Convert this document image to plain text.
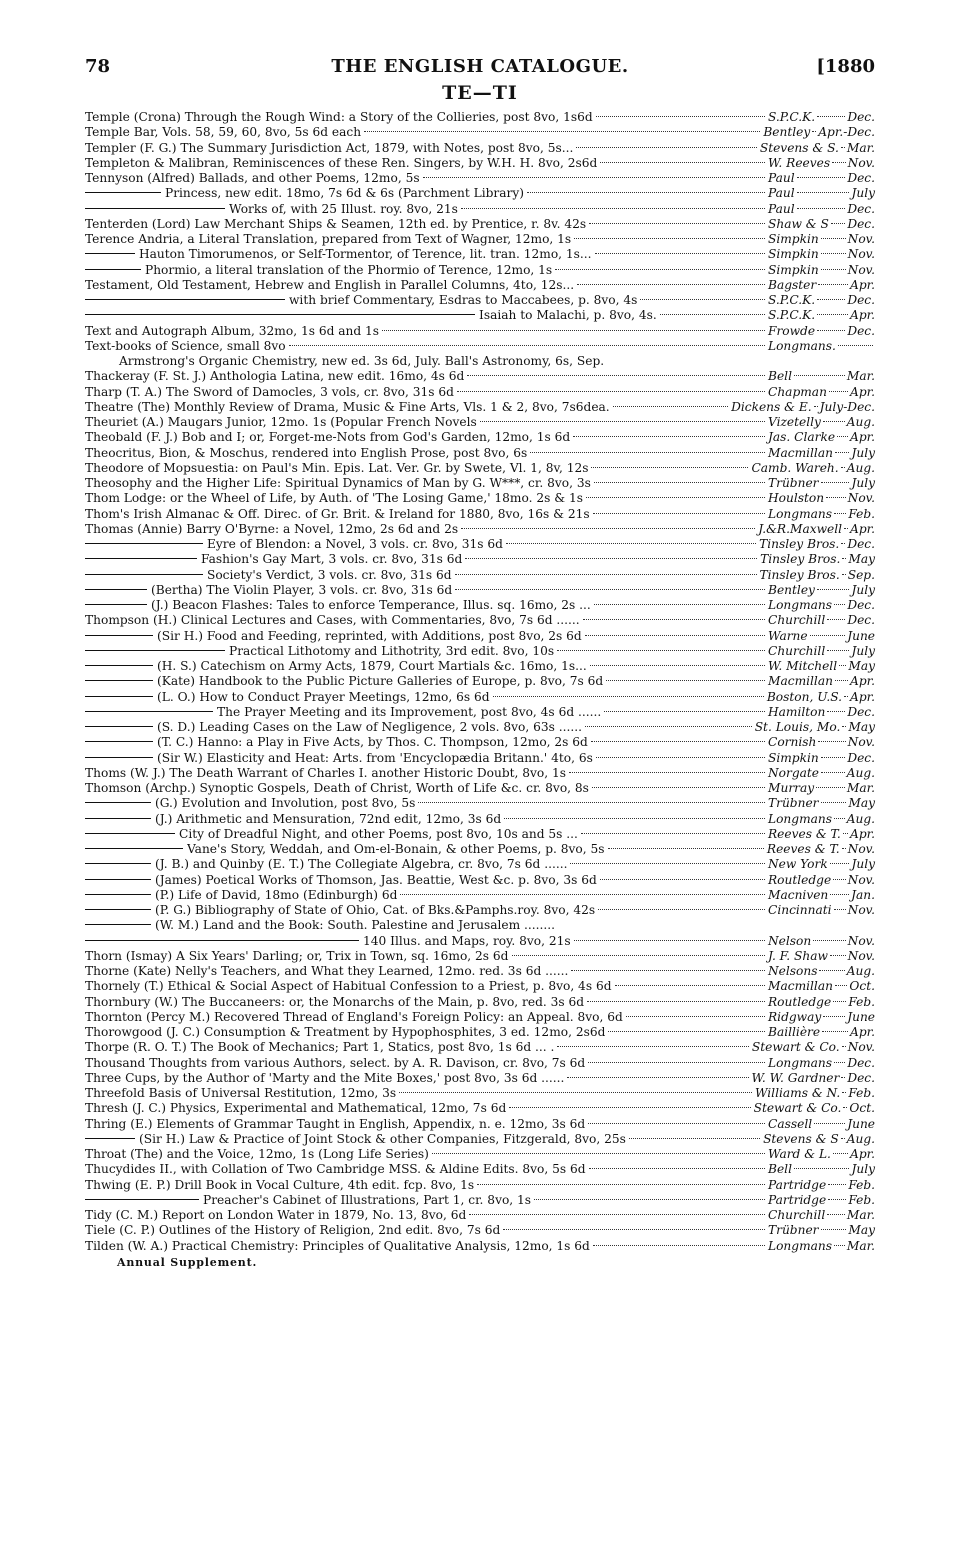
78	THE ENGLISH CATALOGUE.	[1880
TE—TI
Temple (Crona) Through the Rough Wind: a Story of the Collieries, post 8vo, 1s6d	S.P.C.K.	Dec.
Temple Bar, Vols. 58, 59, 60, 8vo, 5s 6d each	Bentley Apr.-Dec.
Templer (F. G.) The Summary Jurisdiction Act, 1879, with Notes, post 8vo, 5s...	Stevens & S. Mar.
Templeton & Malibran, Reminiscences of these Ren. Singers, by W.H. H. 8vo, 2s6d	W. Reeves Nov.
Tennyson (Alfred) Ballads, and other Poems, 12mo, 5s	Paul	Dec.
Princess, new edit. 18mo, 7s 6d & 6s (Parchment Library)	Paul	July
Works of, with 25 Illust. roy. 8vo, 21s	Paul	Dec.
Tenterden (Lord) Law Merchant Ships & Seamen, 12th ed. by Prentice, r. 8v. 42s	Shaw & S Dec.
Terence Andria, a Literal Translation, prepared from Text of Wagner, 12mo, 1s	Simpkin Nov.
Hauton Timorumenos, or Self-Tormentor, of Terence, lit. tran. 12mo, 1s...	Simpkin Nov.
Phormio, a literal translation of the Phormio of Terence, 12mo, 1s	Simpkin Nov.
Testament, Old Testament, Hebrew and English in Parallel Columns, 4to, 12s...	Bagster	Apr.
with brief Commentary, Esdras to Maccabees, p. 8vo, 4s	S.P.C.K.	Dec.
Isaiah to Malachi, p. 8vo, 4s.	S.P.C.K.	Apr.
Text and Autograph Album, 32mo, 1s 6d and 1s	Frowde	Dec.
Text-books of Science, small 8vo	Longmans.
Armstrong's Organic Chemistry, new ed. 3s 6d, July. Ball's Astronomy, 6s, Sep.
Thackeray (F. St. J.) Anthologia Latina, new edit. 16mo, 4s 6d	Bell	Mar.
Tharp (T. A.) The Sword of Damocles, 3 vols, cr. 8vo, 31s 6d	Chapman Apr.
Theatre (The) Monthly Review of Drama, Music & Fine Arts, Vls. 1 & 2, 8vo, 7s6dea.	Dickens & E. July-Dec.
Theuriet (A.) Maugars Junior, 12mo. 1s (Popular French Novels	Vizetelly Aug.
Theobald (F. J.) Bob and I; or, Forget-me-Nots from God's Garden, 12mo, 1s 6d	Jas. Clarke Apr.
Theocritus, Bion, & Moschus, rendered into English Prose, post 8vo, 6s	Macmillan July
Theodore of Mopsuestia: on Paul's Min. Epis. Lat. Ver. Gr. by Swete, Vl. 1, 8v, 12s	Camb. Wareh. Aug.
Theosophy and the Higher Life: Spiritual Dynamics of Man by G. W***, cr. 8vo, 3s	Trübner	July
Thom Lodge: or the Wheel of Life, by Auth. of 'The Losing Game,' 18mo. 2s & 1s	Houlston Nov.
Thom's Irish Almanac & Off. Direc. of Gr. Brit. & Ireland for 1880, 8vo, 16s & 21s	Longmans Feb.
Thomas (Annie) Barry O'Byrne: a Novel, 12mo, 2s 6d and 2s	J.&R.Maxwell Apr.
Eyre of Blendon: a Novel, 3 vols. cr. 8vo, 31s 6d	Tinsley Bros. Dec.
Fashion's Gay Mart, 3 vols. cr. 8vo, 31s 6d	Tinsley Bros. May
Society's Verdict, 3 vols. cr. 8vo, 31s 6d	Tinsley Bros. Sep.
(Bertha) The Violin Player, 3 vols. cr. 8vo, 31s 6d	Bentley	July
(J.) Beacon Flashes: Tales to enforce Temperance, Illus. sq. 16mo, 2s ...	Longmans Dec.
Thompson (H.) Clinical Lectures and Cases, with Commentaries, 8vo, 7s 6d ......	Churchill Dec.
(Sir H.) Food and Feeding, reprinted, with Additions, post 8vo, 2s 6d	Warne	June
Practical Lithotomy and Lithotrity, 3rd edit. 8vo, 10s	Churchill July
(H. S.) Catechism on Army Acts, 1879, Court Martials &c. 16mo, 1s...	W. Mitchell May
(Kate) Handbook to the Public Picture Galleries of Europe, p. 8vo, 7s 6d	Macmillan Apr.
(L. O.) How to Conduct Prayer Meetings, 12mo, 6s 6d	Boston, U.S. Apr.
The Prayer Meeting and its Improvement, post 8vo, 4s 6d ......	Hamilton Dec.
(S. D.) Leading Cases on the Law of Negligence, 2 vols. 8vo, 63s ......	St. Louis, Mo. May
(T. C.) Hanno: a Play in Five Acts, by Thos. C. Thompson, 12mo, 2s 6d	Cornish	Nov.
(Sir W.) Elasticity and Heat: Arts. from 'Encyclopædia Britann.' 4to, 6s	Simpkin Dec.
Thoms (W. J.) The Death Warrant of Charles I. another Historic Doubt, 8vo, 1s	Norgate Aug.
Thomson (Archp.) Synoptic Gospels, Death of Christ, Worth of Life &c. cr. 8vo, 8s	Murray	Mar.
(G.) Evolution and Involution, post 8vo, 5s	Trübner May
(J.) Arithmetic and Mensuration, 72nd edit, 12mo, 3s 6d	Longmans Aug.
City of Dreadful Night, and other Poems, post 8vo, 10s and 5s ...	Reeves & T. Apr.
Vane's Story, Weddah, and Om-el-Bonain, & other Poems, p. 8vo, 5s	Reeves & T. Nov.
(J. B.) and Quinby (E. T.) The Collegiate Algebra, cr. 8vo, 7s 6d ......	New York July
(James) Poetical Works of Thomson, Jas. Beattie, West &c. p. 8vo, 3s 6d	Routledge Nov.
(P.) Life of David, 18mo (Edinburgh) 6d	Macniven Jan.
(P. G.) Bibliography of State of Ohio, Cat. of Bks.&Pamphs.roy. 8vo, 42s	Cincinnati Nov.
(W. M.) Land and the Book: South. Palestine and Jerusalem ........
140 Illus. and Maps, roy. 8vo, 21s	Nelson	Nov.
Thorn (Ismay) A Six Years' Darling; or, Trix in Town, sq. 16mo, 2s 6d	J. F. Shaw Nov.
Thorne (Kate) Nelly's Teachers, and What they Learned, 12mo. red. 3s 6d ......	Nelsons Aug.
Thornely (T.) Ethical & Social Aspect of Habitual Confession to a Priest, p. 8vo, 4s 6d	Macmillan Oct.
Thornbury (W.) The Buccaneers: or, the Monarchs of the Main, p. 8vo, red. 3s 6d	Routledge Feb.
Thornton (Percy M.) Recovered Thread of England's Foreign Policy: an Appeal. 8vo, 6d	Ridgway June
Thorowgood (J. C.) Consumption & Treatment by Hypophosphites, 3 ed. 12mo, 2s6d	Baillière Apr.
Thorpe (R. O. T.) The Book of Mechanics; Part 1, Statics, post 8vo, 1s 6d ... .	Stewart & Co. Nov.
Thousand Thoughts from various Authors, select. by A. R. Davison, cr. 8vo, 7s 6d	Longmans Dec.
Three Cups, by the Author of 'Marty and the Mite Boxes,' post 8vo, 3s 6d ......	W. W. Gardner Dec.
Threefold Basis of Universal Restitution, 12mo, 3s	Williams & N. Feb.
Thresh (J. C.) Physics, Experimental and Mathematical, 12mo, 7s 6d	Stewart & Co. Oct.
Thring (E.) Elements of Grammar Taught in English, Appendix, n. e. 12mo, 3s 6d	Cassell	June
(Sir H.) Law & Practice of Joint Stock & other Companies, Fitzgerald, 8vo, 25s	Stevens & S Aug.
Throat (The) and the Voice, 12mo, 1s (Long Life Series)	Ward & L. Apr.
Thucydides II., with Collation of Two Cambridge MSS. & Aldine Edits. 8vo, 5s 6d	Bell	July
Thwing (E. P.) Drill Book in Vocal Culture, 4th edit. fcp. 8vo, 1s	Partridge Feb.
Preacher's Cabinet of Illustrations, Part 1, cr. 8vo, 1s	Partridge Feb.
Tidy (C. M.) Report on London Water in 1879, No. 13, 8vo, 6d	Churchill Mar.
Tiele (C. P.) Outlines of the History of Religion, 2nd edit. 8vo, 7s 6d	Trübner May
Tilden (W. A.) Practical Chemistry: Principles of Qualitative Analysis, 12mo, 1s 6d	Longmans Mar.
Annual Supplement.
